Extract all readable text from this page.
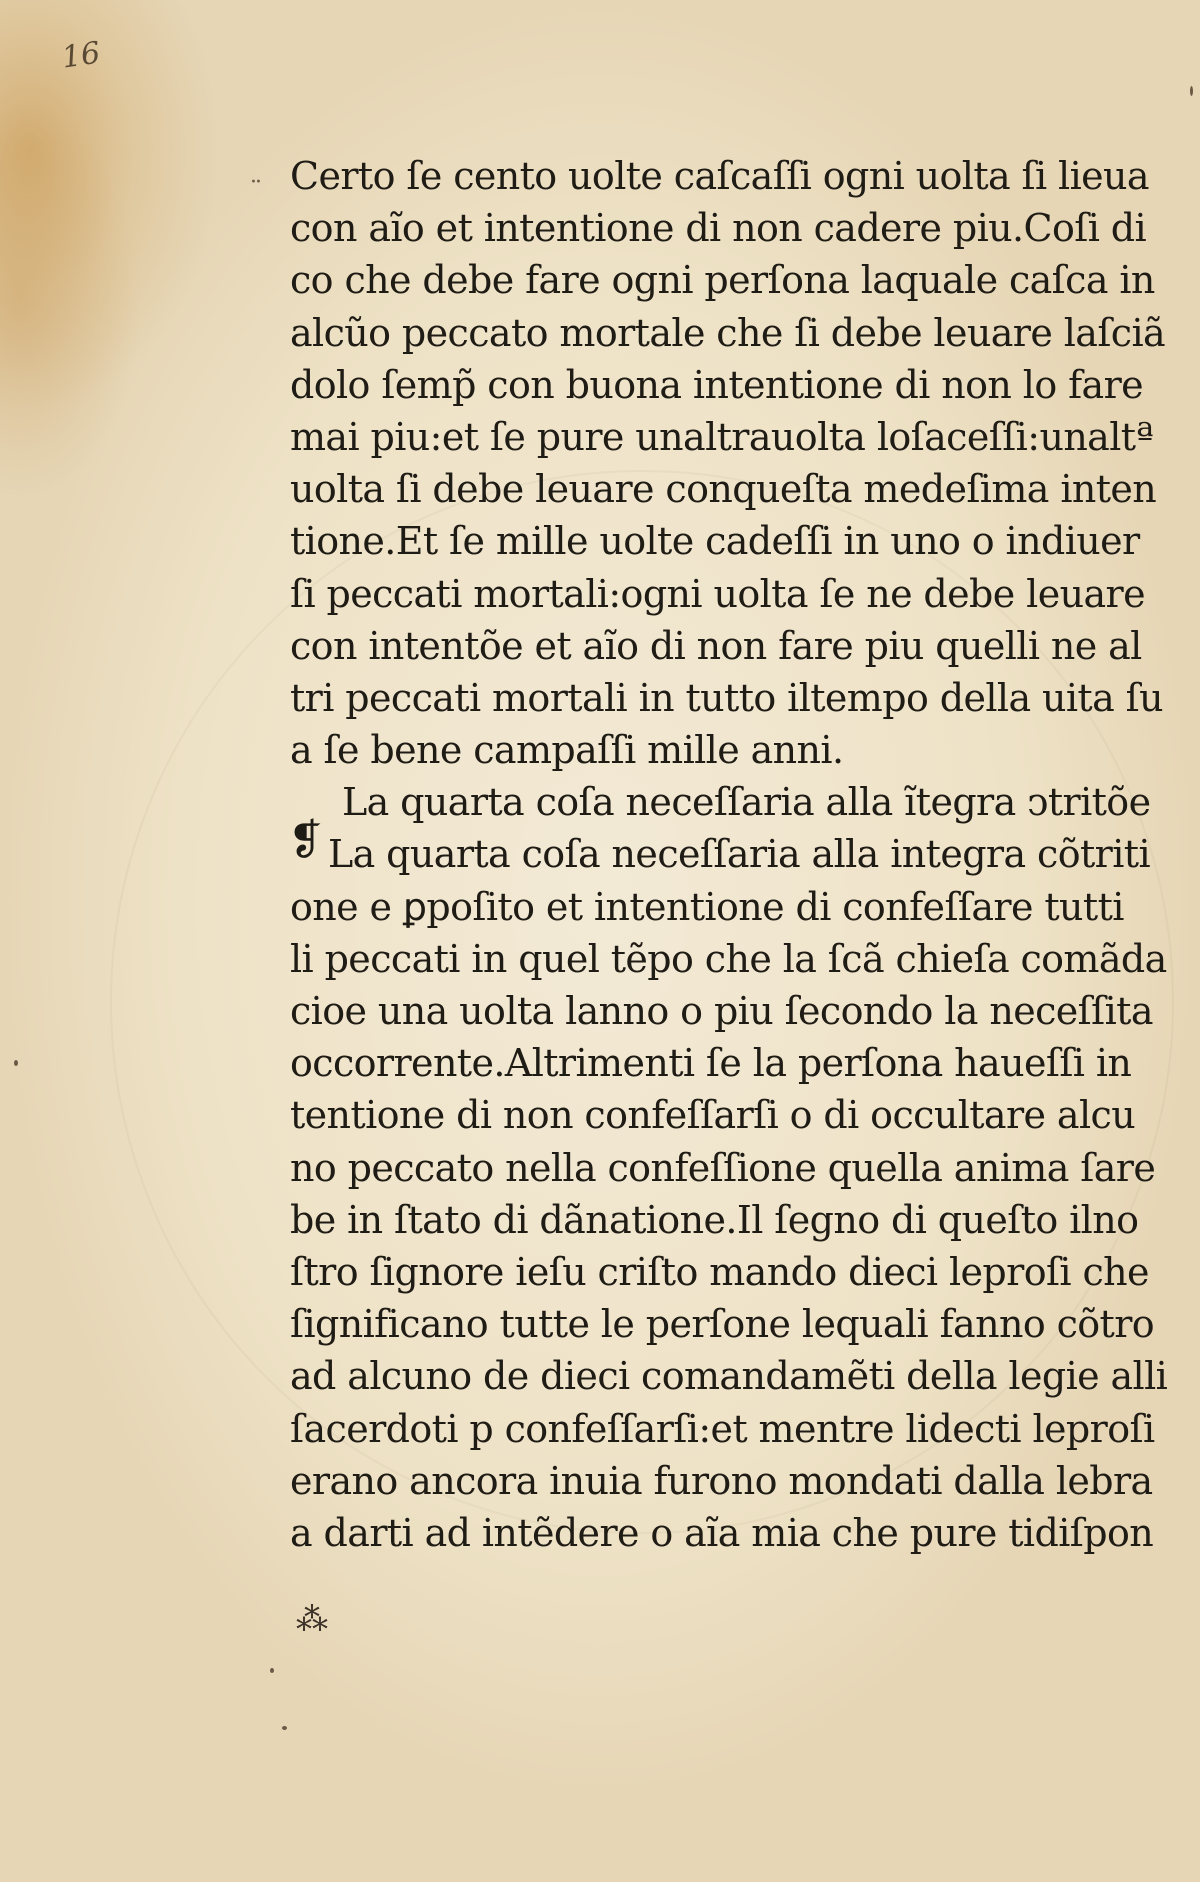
16
··
❡
Certo ſe cento uolte caſcaſſi ogni uolta ſi lieua
con aı̃o et intentione di non cadere piu.Coſi di
co che debe fare ogni perſona laquale caſca in
alcũo peccato mortale che ſi debe leuare laſciã
dolo ſemp̃ con buona intentione di non lo fare
mai piu:et ſe pure unaltrauolta loſaceſſi:unaltª
uolta ſi debe leuare conqueſta medeſima inten
tione.Et ſe mille uolte cadeſſi in uno o indiuer
ſi peccati mortali:ogni uolta ſe ne debe leuare
con intentõe et aı̃o di non fare piu quelli ne al
tri peccati mortali in tutto iltempo della uita ſu
a ſe bene campaſſi mille anni.
La quarta coſa neceſſaria alla ĩtegra ↄtritõe
La quarta coſa neceſſaria alla integra cõtriti
one e ꝑpoſito et intentione di confeſſare tutti
li peccati in quel tẽpo che la ſcã chieſa comãda
cioe una uolta lanno o piu ſecondo la neceſſita
occorrente.Altrimenti ſe la perſona haueſſi in
tentione di non confeſſarſi o di occultare alcu
no peccato nella confeſſione quella anima ſare
be in ſtato di dãnatione.Il ſegno di queſto ilno
ſtro ſignore ieſu criſto mando dieci leproſi che
ſignificano tutte le perſone lequali fanno cõtro
ad alcuno de dieci comandamẽti della legie alli
ſacerdoti p confeſſarſi:et mentre lidecti leproſi
erano ancora inuia furono mondati dalla lebra
a darti ad intẽdere o aı̃a mia che pure tidiſpon
⁂
